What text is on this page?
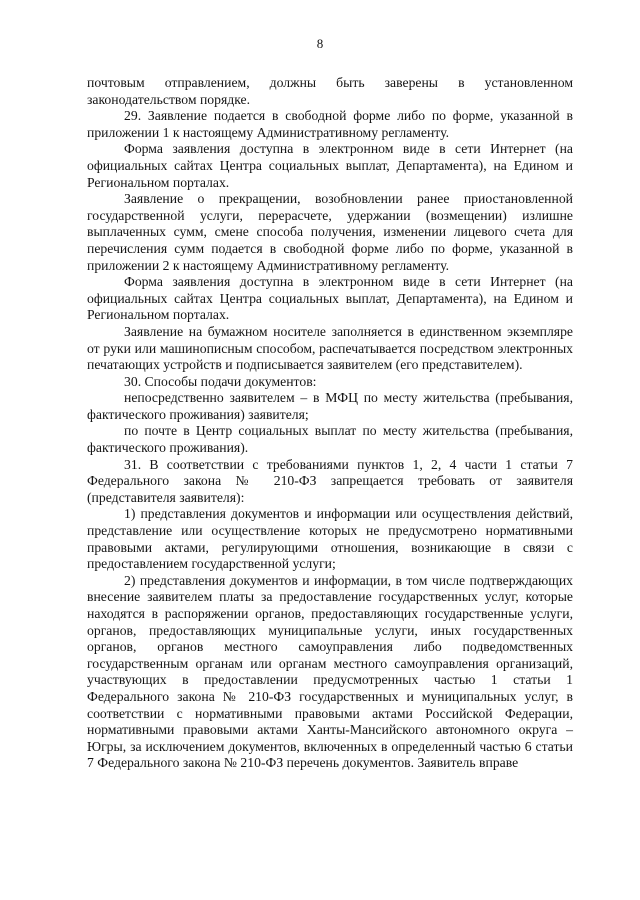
8

почтовым отправлением, должны быть заверены в установленном законодательством порядке.

29. Заявление подается в свободной форме либо по форме, указанной в приложении 1 к настоящему Административному регламенту.

Форма заявления доступна в электронном виде в сети Интернет (на официальных сайтах Центра социальных выплат, Департамента), на Едином и Региональном порталах.

Заявление о прекращении, возобновлении ранее приостановленной государственной услуги, перерасчете, удержании (возмещении) излишне выплаченных сумм, смене способа получения, изменении лицевого счета для перечисления сумм подается в свободной форме либо по форме, указанной в приложении 2 к настоящему Административному регламенту.

Форма заявления доступна в электронном виде в сети Интернет (на официальных сайтах Центра социальных выплат, Департамента), на Едином и Региональном порталах.

Заявление на бумажном носителе заполняется в единственном экземпляре от руки или машинописным способом, распечатывается посредством электронных печатающих устройств и подписывается заявителем (его представителем).

30. Способы подачи документов:

непосредственно заявителем – в МФЦ по месту жительства (пребывания, фактического проживания) заявителя;

по почте в Центр социальных выплат по месту жительства (пребывания, фактического проживания).

31. В соответствии с требованиями пунктов 1, 2, 4 части 1 статьи 7 Федерального закона № 210-ФЗ запрещается требовать от заявителя (представителя заявителя):

1) представления документов и информации или осуществления действий, представление или осуществление которых не предусмотрено нормативными правовыми актами, регулирующими отношения, возникающие в связи с предоставлением государственной услуги;

2) представления документов и информации, в том числе подтверждающих внесение заявителем платы за предоставление государственных услуг, которые находятся в распоряжении органов, предоставляющих государственные услуги, органов, предоставляющих муниципальные услуги, иных государственных органов, органов местного самоуправления либо подведомственных государственным органам или органам местного самоуправления организаций, участвующих в предоставлении предусмотренных частью 1 статьи 1 Федерального закона № 210-ФЗ государственных и муниципальных услуг, в соответствии с нормативными правовыми актами Российской Федерации, нормативными правовыми актами Ханты-Мансийского автономного округа – Югры, за исключением документов, включенных в определенный частью 6 статьи 7 Федерального закона № 210-ФЗ перечень документов. Заявитель вправе
